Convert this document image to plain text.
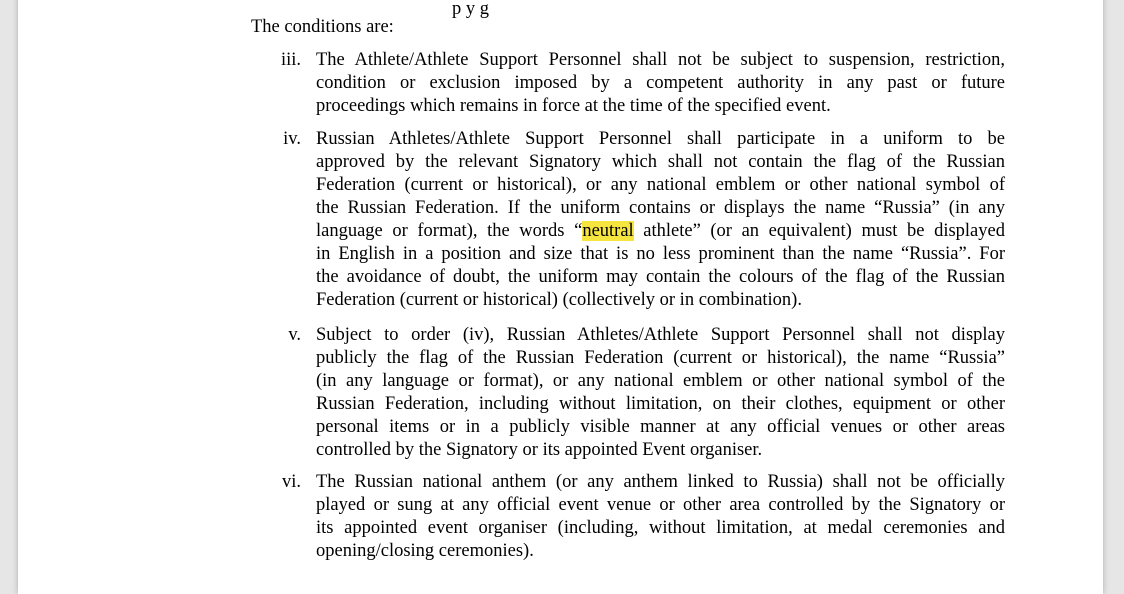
The conditions are:
iii. The Athlete/Athlete Support Personnel shall not be subject to suspension, restriction,
condition or exclusion imposed by a competent authority in any past or future
proceedings which remains in force at the time of the specified event.
iv. Russian Athletes/Athlete Support Personnel shall participate in a uniform to be
approved by the relevant Signatory which shall not contain the flag of the Russian
Federation (current or historical), or any national emblem or other national symbol of
the Russian Federation. If the uniform contains or displays the name “Russia” (in any
language or format), the words “neutral athlete” (or an equivalent) must be displayed
in English in a position and size that is no less prominent than the name “Russia”. For
the avoidance of doubt, the uniform may contain the colours of the flag of the Russian
Federation (current or historical) (collectively or in combination).
v. Subject to order (iv), Russian Athletes/Athlete Support Personnel shall not display
publicly the flag of the Russian Federation (current or historical), the name “Russia”
(in any language or format), or any national emblem or other national symbol of the
Russian Federation, including without limitation, on their clothes, equipment or other
personal items or in a publicly visible manner at any official venues or other areas
controlled by the Signatory or its appointed Event organiser.
vi. The Russian national anthem (or any anthem linked to Russia) shall not be officially
played or sung at any official event venue or other area controlled by the Signatory or
its appointed event organiser (including, without limitation, at medal ceremonies and
opening/closing ceremonies).
